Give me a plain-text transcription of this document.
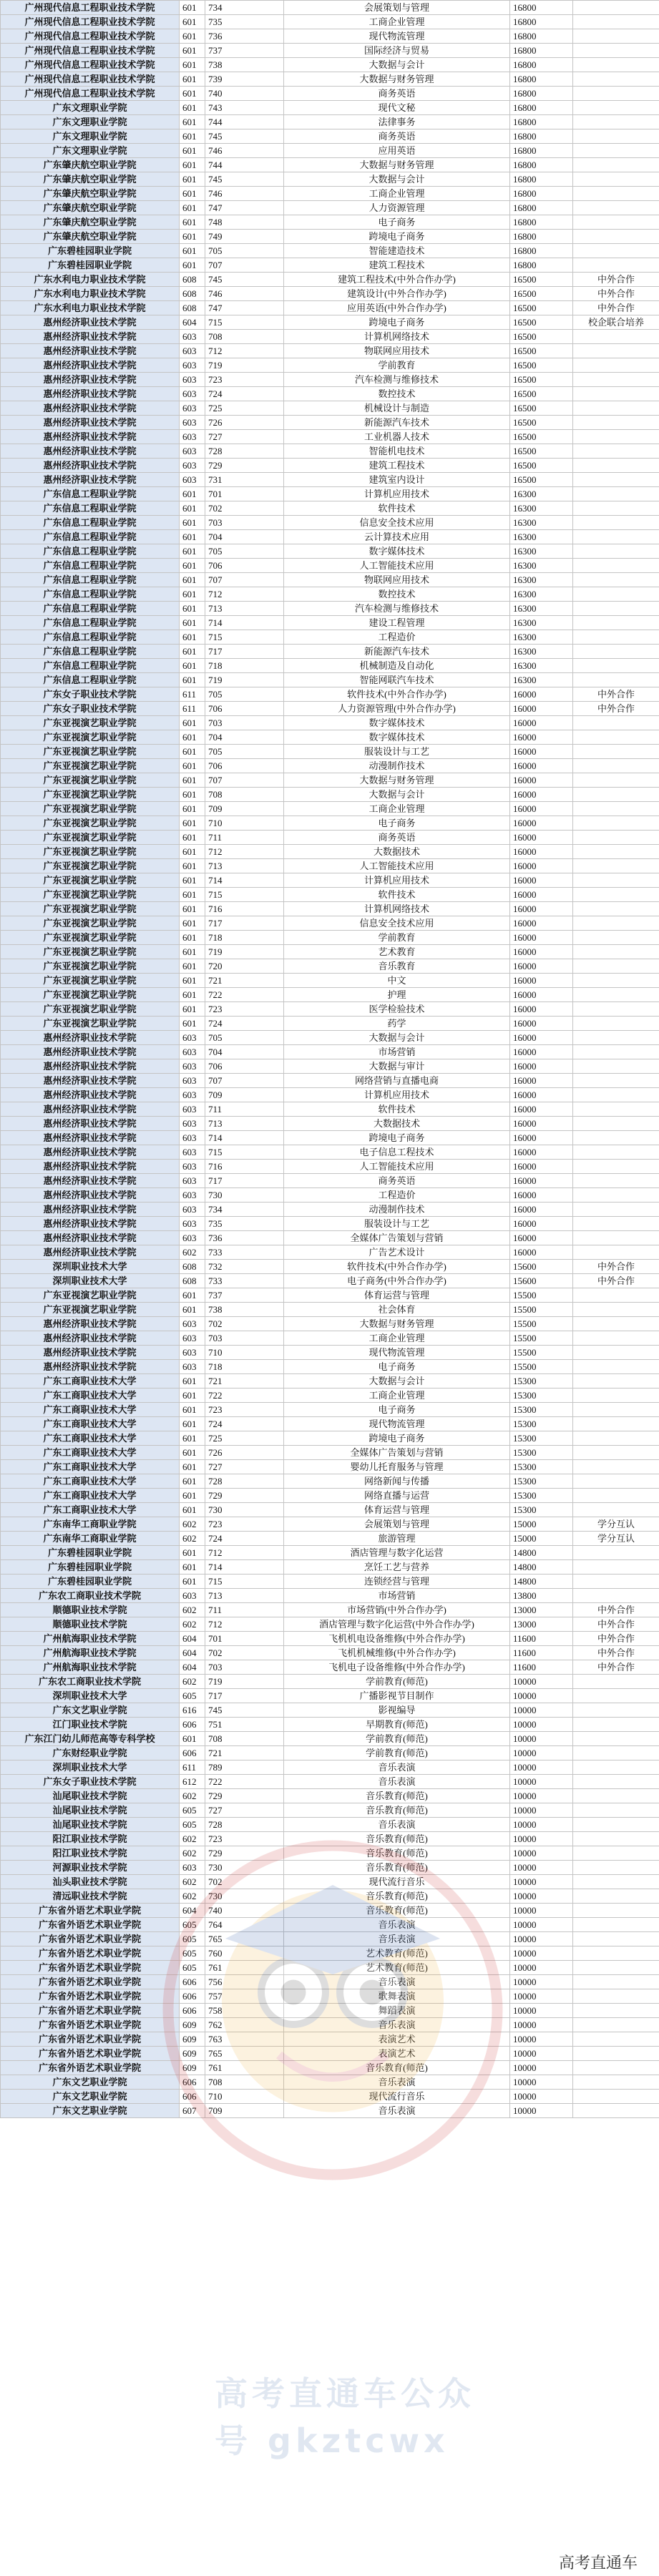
广州现代信息工程职业技术学院	601	734	会展策划与管理	16800	
广州现代信息工程职业技术学院	601	735	工商企业管理	16800	
广州现代信息工程职业技术学院	601	736	现代物流管理	16800	
广州现代信息工程职业技术学院	601	737	国际经济与贸易	16800	
广州现代信息工程职业技术学院	601	738	大数据与会计	16800	
广州现代信息工程职业技术学院	601	739	大数据与财务管理	16800	
广州现代信息工程职业技术学院	601	740	商务英语	16800	
广东文理职业学院	601	743	现代文秘	16800	
广东文理职业学院	601	744	法律事务	16800	
广东文理职业学院	601	745	商务英语	16800	
广东文理职业学院	601	746	应用英语	16800	
广东肇庆航空职业学院	601	744	大数据与财务管理	16800	
广东肇庆航空职业学院	601	745	大数据与会计	16800	
广东肇庆航空职业学院	601	746	工商企业管理	16800	
广东肇庆航空职业学院	601	747	人力资源管理	16800	
广东肇庆航空职业学院	601	748	电子商务	16800	
广东肇庆航空职业学院	601	749	跨境电子商务	16800	
广东碧桂园职业学院	601	705	智能建造技术	16800	
广东碧桂园职业学院	601	707	建筑工程技术	16800	
广东水利电力职业技术学院	608	745	建筑工程技术(中外合作办学)	16500	中外合作
广东水利电力职业技术学院	608	746	建筑设计(中外合作办学)	16500	中外合作
广东水利电力职业技术学院	608	747	应用英语(中外合作办学)	16500	中外合作
惠州经济职业技术学院	604	715	跨境电子商务	16500	校企联合培养
惠州经济职业技术学院	603	708	计算机网络技术	16500	
惠州经济职业技术学院	603	712	物联网应用技术	16500	
惠州经济职业技术学院	603	719	学前教育	16500	
惠州经济职业技术学院	603	723	汽车检测与维修技术	16500	
惠州经济职业技术学院	603	724	数控技术	16500	
惠州经济职业技术学院	603	725	机械设计与制造	16500	
惠州经济职业技术学院	603	726	新能源汽车技术	16500	
惠州经济职业技术学院	603	727	工业机器人技术	16500	
惠州经济职业技术学院	603	728	智能机电技术	16500	
惠州经济职业技术学院	603	729	建筑工程技术	16500	
惠州经济职业技术学院	603	731	建筑室内设计	16500	
广东信息工程职业学院	601	701	计算机应用技术	16300	
广东信息工程职业学院	601	702	软件技术	16300	
广东信息工程职业学院	601	703	信息安全技术应用	16300	
广东信息工程职业学院	601	704	云计算技术应用	16300	
广东信息工程职业学院	601	705	数字媒体技术	16300	
广东信息工程职业学院	601	706	人工智能技术应用	16300	
广东信息工程职业学院	601	707	物联网应用技术	16300	
广东信息工程职业学院	601	712	数控技术	16300	
广东信息工程职业学院	601	713	汽车检测与维修技术	16300	
广东信息工程职业学院	601	714	建设工程管理	16300	
广东信息工程职业学院	601	715	工程造价	16300	
广东信息工程职业学院	601	717	新能源汽车技术	16300	
广东信息工程职业学院	601	718	机械制造及自动化	16300	
广东信息工程职业学院	601	719	智能网联汽车技术	16300	
广东女子职业技术学院	611	705	软件技术(中外合作办学)	16000	中外合作
广东女子职业技术学院	611	706	人力资源管理(中外合作办学)	16000	中外合作
广东亚视演艺职业学院	601	703	数字媒体技术	16000	
广东亚视演艺职业学院	601	704	数字媒体技术	16000	
广东亚视演艺职业学院	601	705	服装设计与工艺	16000	
广东亚视演艺职业学院	601	706	动漫制作技术	16000	
广东亚视演艺职业学院	601	707	大数据与财务管理	16000	
广东亚视演艺职业学院	601	708	大数据与会计	16000	
广东亚视演艺职业学院	601	709	工商企业管理	16000	
广东亚视演艺职业学院	601	710	电子商务	16000	
广东亚视演艺职业学院	601	711	商务英语	16000	
广东亚视演艺职业学院	601	712	大数据技术	16000	
广东亚视演艺职业学院	601	713	人工智能技术应用	16000	
广东亚视演艺职业学院	601	714	计算机应用技术	16000	
广东亚视演艺职业学院	601	715	软件技术	16000	
广东亚视演艺职业学院	601	716	计算机网络技术	16000	
广东亚视演艺职业学院	601	717	信息安全技术应用	16000	
广东亚视演艺职业学院	601	718	学前教育	16000	
广东亚视演艺职业学院	601	719	艺术教育	16000	
广东亚视演艺职业学院	601	720	音乐教育	16000	
广东亚视演艺职业学院	601	721	中文	16000	
广东亚视演艺职业学院	601	722	护理	16000	
广东亚视演艺职业学院	601	723	医学检验技术	16000	
广东亚视演艺职业学院	601	724	药学	16000	
惠州经济职业技术学院	603	705	大数据与会计	16000	
惠州经济职业技术学院	603	704	市场营销	16000	
惠州经济职业技术学院	603	706	大数据与审计	16000	
惠州经济职业技术学院	603	707	网络营销与直播电商	16000	
惠州经济职业技术学院	603	709	计算机应用技术	16000	
惠州经济职业技术学院	603	711	软件技术	16000	
惠州经济职业技术学院	603	713	大数据技术	16000	
惠州经济职业技术学院	603	714	跨境电子商务	16000	
惠州经济职业技术学院	603	715	电子信息工程技术	16000	
惠州经济职业技术学院	603	716	人工智能技术应用	16000	
惠州经济职业技术学院	603	717	商务英语	16000	
惠州经济职业技术学院	603	730	工程造价	16000	
惠州经济职业技术学院	603	734	动漫制作技术	16000	
惠州经济职业技术学院	603	735	服装设计与工艺	16000	
惠州经济职业技术学院	603	736	全媒体广告策划与营销	16000	
惠州经济职业技术学院	602	733	广告艺术设计	16000	
深圳职业技术大学	608	732	软件技术(中外合作办学)	15600	中外合作
深圳职业技术大学	608	733	电子商务(中外合作办学)	15600	中外合作
广东亚视演艺职业学院	601	737	体育运营与管理	15500	
广东亚视演艺职业学院	601	738	社会体育	15500	
惠州经济职业技术学院	603	702	大数据与财务管理	15500	
惠州经济职业技术学院	603	703	工商企业管理	15500	
惠州经济职业技术学院	603	710	现代物流管理	15500	
惠州经济职业技术学院	603	718	电子商务	15500	
广东工商职业技术大学	601	721	大数据与会计	15300	
广东工商职业技术大学	601	722	工商企业管理	15300	
广东工商职业技术大学	601	723	电子商务	15300	
广东工商职业技术大学	601	724	现代物流管理	15300	
广东工商职业技术大学	601	725	跨境电子商务	15300	
广东工商职业技术大学	601	726	全媒体广告策划与营销	15300	
广东工商职业技术大学	601	727	婴幼儿托育服务与管理	15300	
广东工商职业技术大学	601	728	网络新闻与传播	15300	
广东工商职业技术大学	601	729	网络直播与运营	15300	
广东工商职业技术大学	601	730	体育运营与管理	15300	
广东南华工商职业学院	602	723	会展策划与管理	15000	学分互认
广东南华工商职业学院	602	724	旅游管理	15000	学分互认
广东碧桂园职业学院	601	712	酒店管理与数字化运营	14800	
广东碧桂园职业学院	601	714	烹饪工艺与营养	14800	
广东碧桂园职业学院	601	715	连锁经营与管理	14800	
广东农工商职业技术学院	603	713	市场营销	13800	
顺德职业技术学院	602	711	市场营销(中外合作办学)	13000	中外合作
顺德职业技术学院	602	712	酒店管理与数字化运营(中外合作办学)	13000	中外合作
广州航海职业技术学院	604	701	飞机机电设备维修(中外合作办学)	11600	中外合作
广州航海职业技术学院	604	702	飞机机械维修(中外合作办学)	11600	中外合作
广州航海职业技术学院	604	703	飞机电子设备维修(中外合作办学)	11600	中外合作
广东农工商职业技术学院	602	719	学前教育(师范)	10000	
深圳职业技术大学	605	717	广播影视节目制作	10000	
广东文艺职业学院	616	745	影视编导	10000	
江门职业技术学院	606	751	早期教育(师范)	10000	
广东江门幼儿师范高等专科学校	601	708	学前教育(师范)	10000	
广东财经职业学院	606	721	学前教育(师范)	10000	
深圳职业技术大学	611	789	音乐表演	10000	
广东女子职业技术学院	612	722	音乐表演	10000	
汕尾职业技术学院	602	729	音乐教育(师范)	10000	
汕尾职业技术学院	605	727	音乐教育(师范)	10000	
汕尾职业技术学院	605	728	音乐表演	10000	
阳江职业技术学院	602	723	音乐教育(师范)	10000	
阳江职业技术学院	602	729	音乐教育(师范)	10000	
河源职业技术学院	603	730	音乐教育(师范)	10000	
汕头职业技术学院	602	702	现代流行音乐	10000	
清远职业技术学院	602	730	音乐教育(师范)	10000	
广东省外语艺术职业学院	604	740	音乐教育(师范)	10000	
广东省外语艺术职业学院	605	764	音乐表演	10000	
广东省外语艺术职业学院	605	765	音乐表演	10000	
广东省外语艺术职业学院	605	760	艺术教育(师范)	10000	
广东省外语艺术职业学院	605	761	艺术教育(师范)	10000	
广东省外语艺术职业学院	606	756	音乐表演	10000	
广东省外语艺术职业学院	606	757	歌舞表演	10000	
广东省外语艺术职业学院	606	758	舞蹈表演	10000	
广东省外语艺术职业学院	609	762	音乐表演	10000	
广东省外语艺术职业学院	609	763	表演艺术	10000	
广东省外语艺术职业学院	609	765	表演艺术	10000	
广东省外语艺术职业学院	609	761	音乐教育(师范)	10000	
广东文艺职业学院	606	708	音乐表演	10000	
广东文艺职业学院	606	710	现代流行音乐	10000	
广东文艺职业学院	607	709	音乐表演	10000	
高考直通车公众号 gkztcwx
高考直通车
